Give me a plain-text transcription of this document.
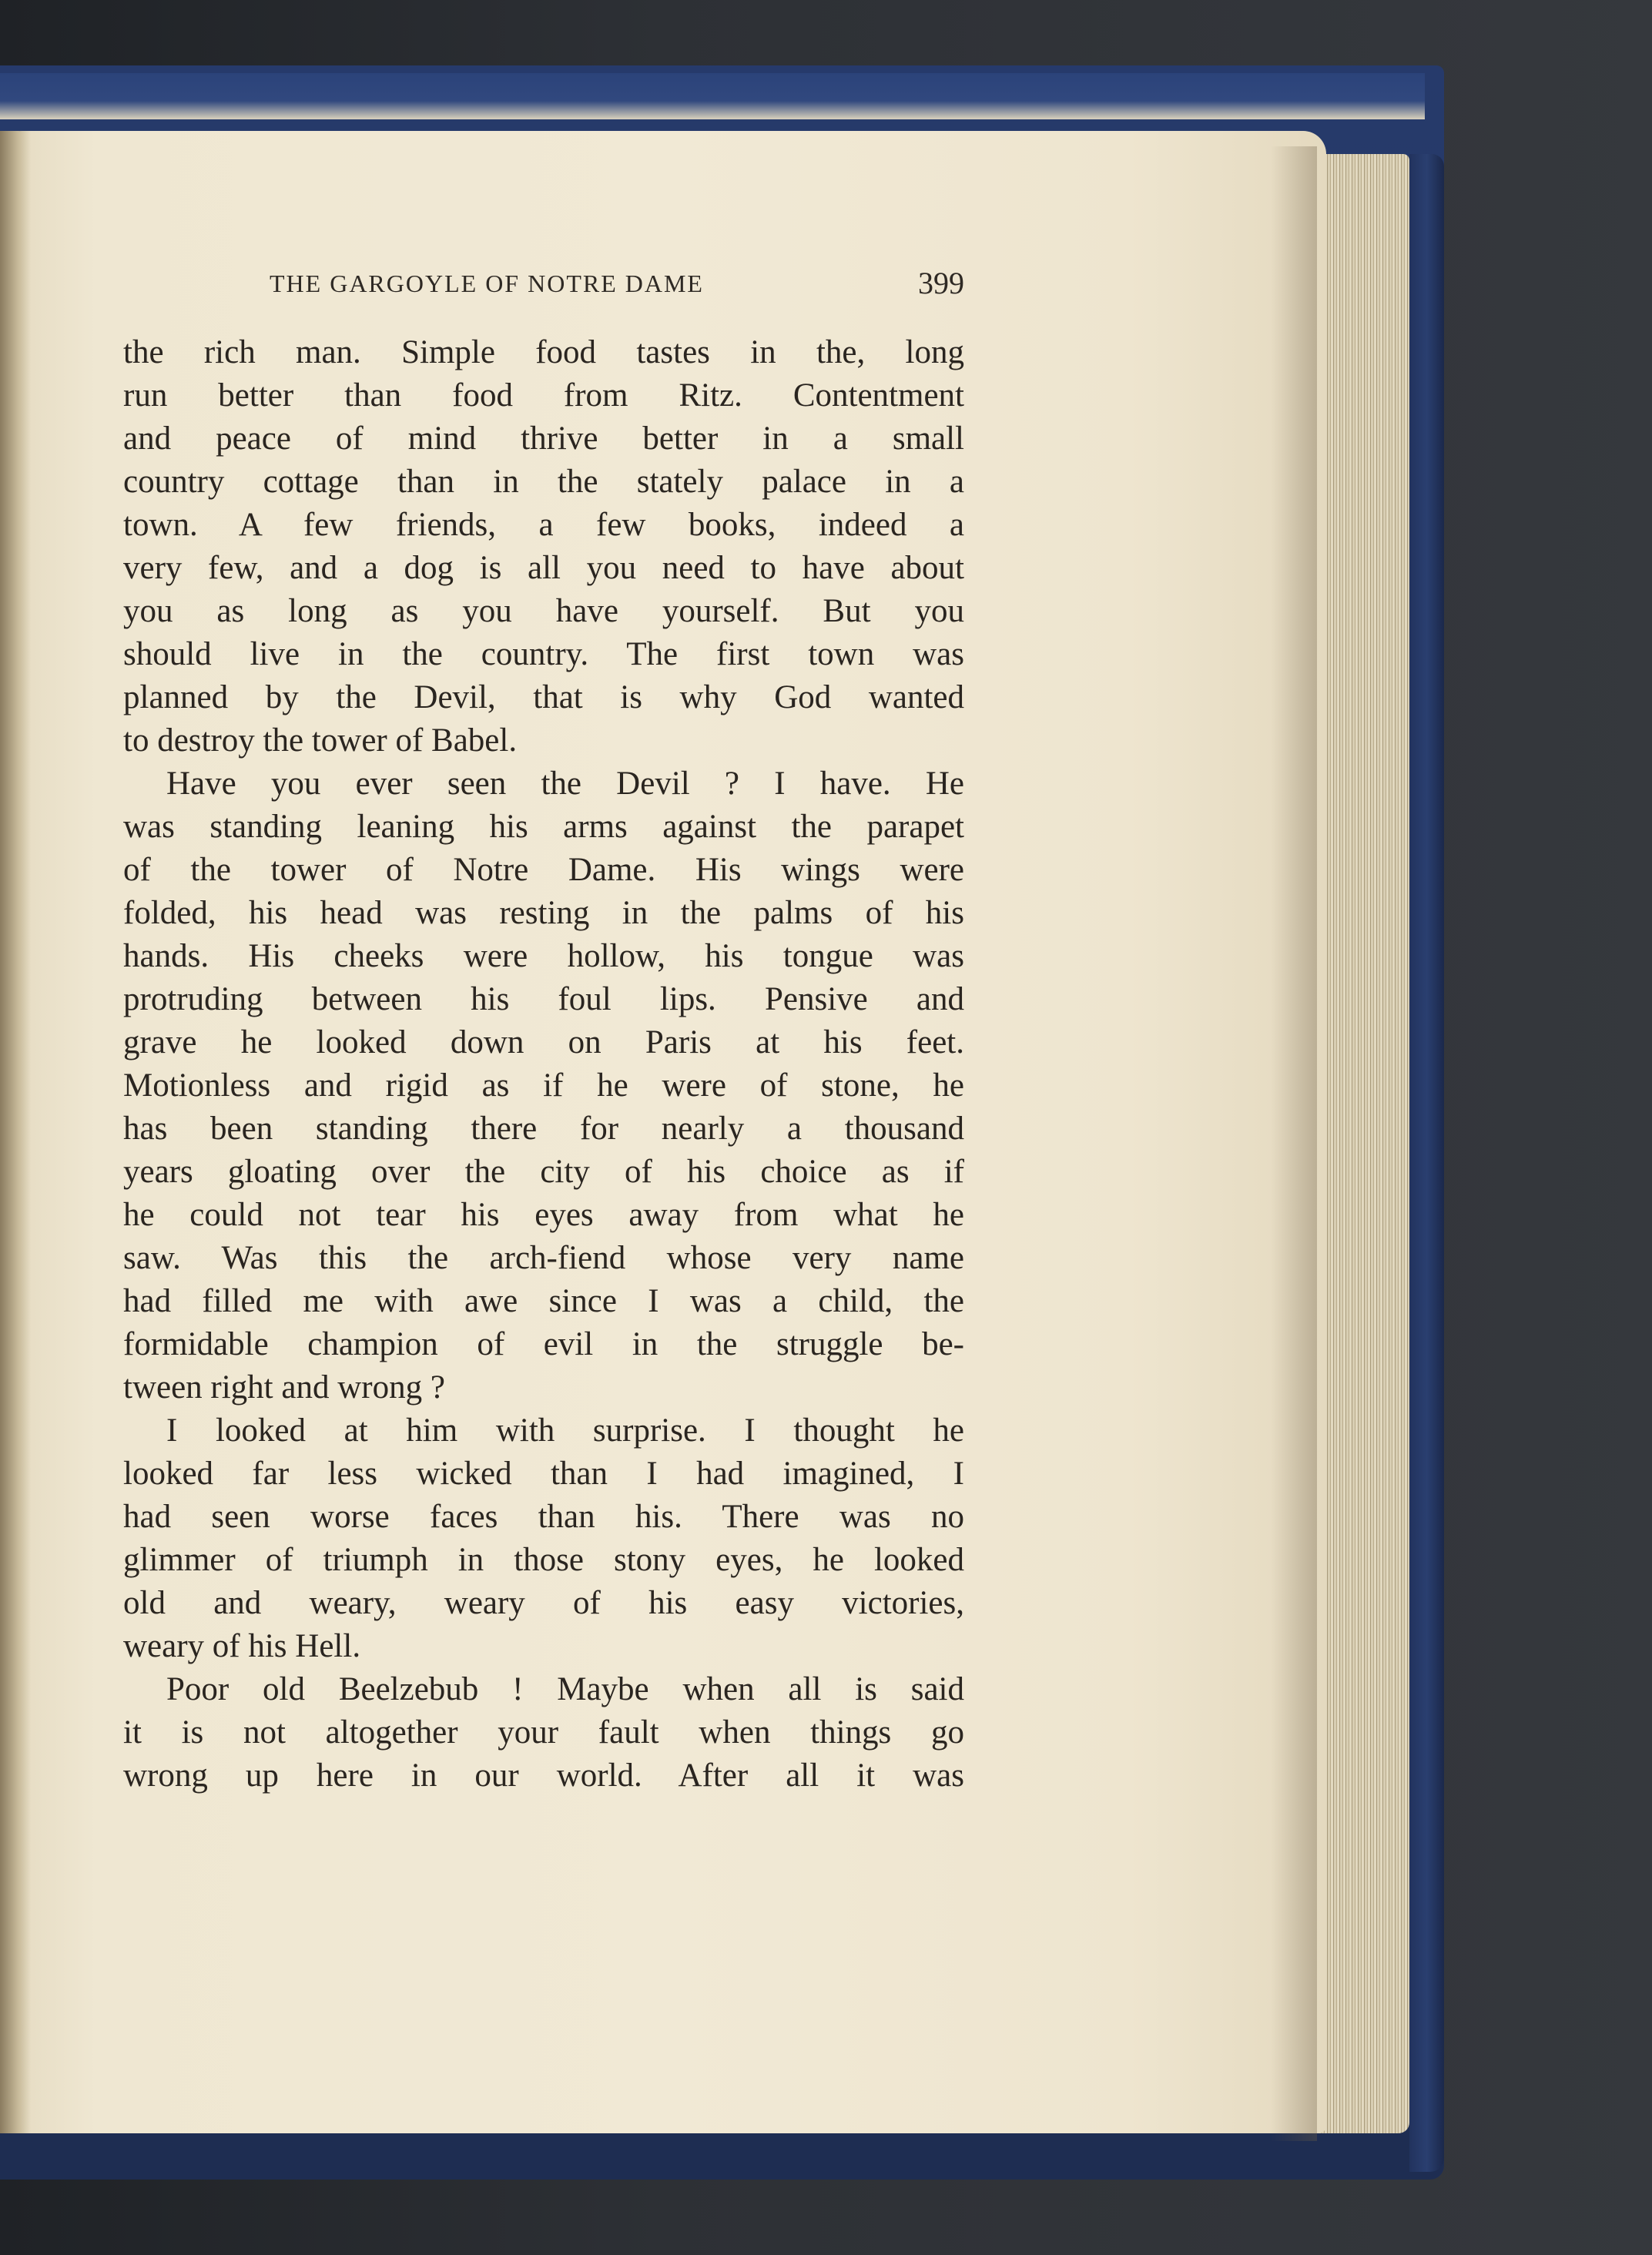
THE GARGOYLE OF NOTRE DAME	399
the rich man. Simple food tastes in the, long
run better than food from Ritz. Contentment
and peace of mind thrive better in a small
country cottage than in the stately palace in a
town. A few friends, a few books, indeed a
very few, and a dog is all you need to have about
you as long as you have yourself. But you
should live in the country. The first town was
planned by the Devil, that is why God wanted
to destroy the tower of Babel.
Have you ever seen the Devil ? I have. He
was standing leaning his arms against the parapet
of the tower of Notre Dame. His wings were
folded, his head was resting in the palms of his
hands. His cheeks were hollow, his tongue was
protruding between his foul lips. Pensive and
grave he looked down on Paris at his feet.
Motionless and rigid as if he were of stone, he
has been standing there for nearly a thousand
years gloating over the city of his choice as if
he could not tear his eyes away from what he
saw. Was this the arch-fiend whose very name
had filled me with awe since I was a child, the
formidable champion of evil in the struggle be-
tween right and wrong ?
I looked at him with surprise. I thought he
looked far less wicked than I had imagined, I
had seen worse faces than his. There was no
glimmer of triumph in those stony eyes, he looked
old and weary, weary of his easy victories,
weary of his Hell.
Poor old Beelzebub ! Maybe when all is said
it is not altogether your fault when things go
wrong up here in our world. After all it was
